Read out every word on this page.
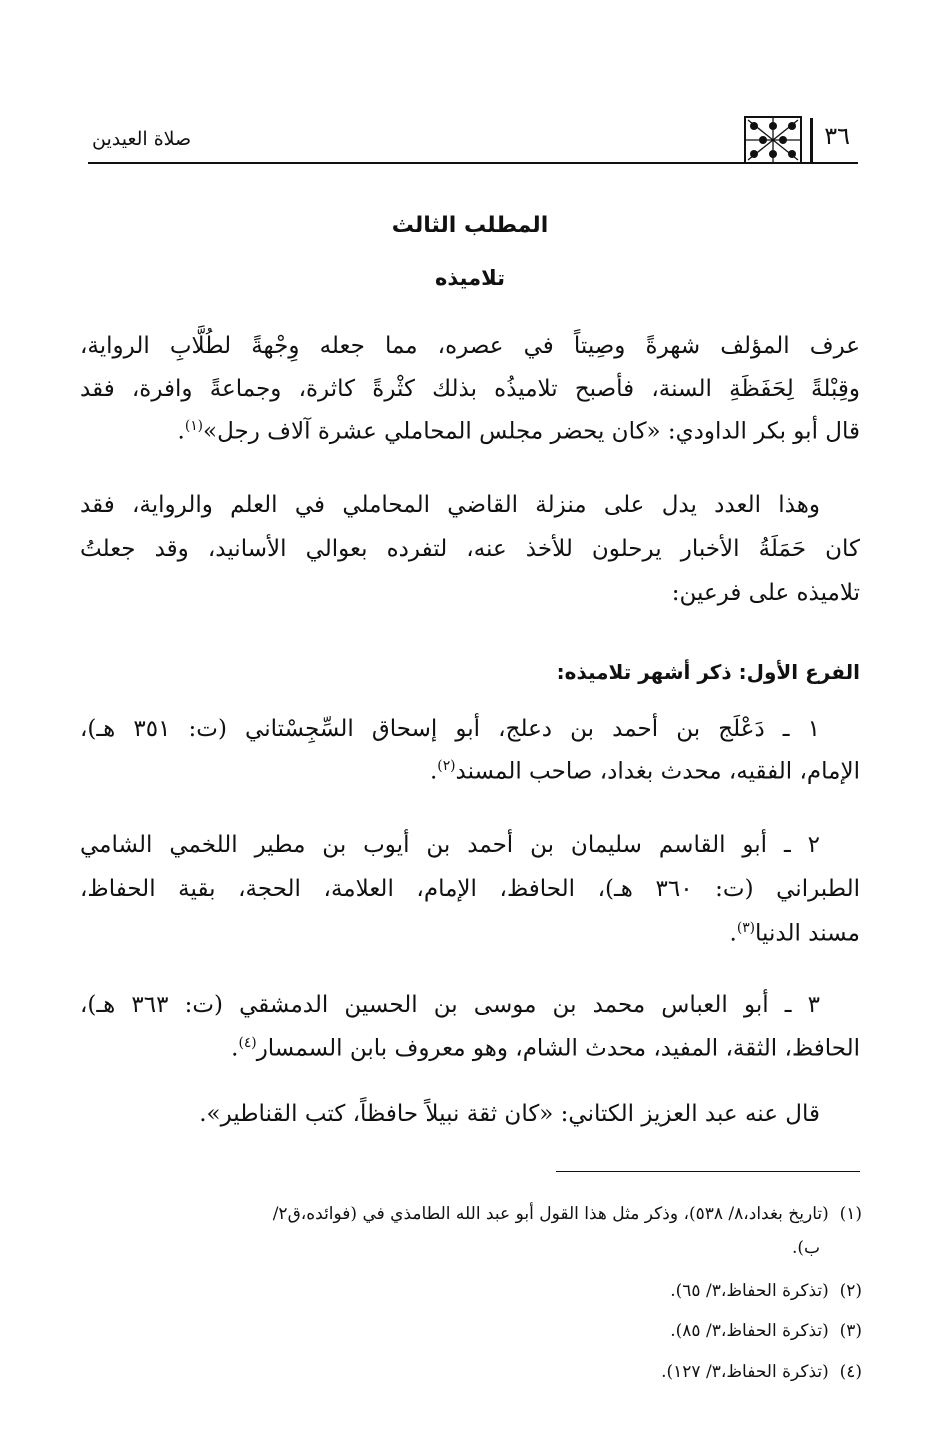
٣٦
صلاة العيدين
المطلب الثالث
تلاميذه
عرف المؤلف شهرةً وصِيتاً في عصره، مما جعله وِجْهةً لطُلَّابِ الرواية،
وقِبْلةً لِحَفَظَةِ السنة، فأصبح تلاميذُه بذلك كثْرةً كاثرة، وجماعةً وافرة، فقد
قال أبو بكر الداودي: «كان يحضر مجلس المحاملي عشرة آلاف رجل»$^{(١)}$.
وهذا العدد يدل على منزلة القاضي المحاملي في العلم والرواية، فقد
كان حَمَلَةُ الأخبار يرحلون للأخذ عنه، لتفرده بعوالي الأسانيد، وقد جعلتُ
تلاميذه على فرعين:
الفرع الأول: ذكر أشهر تلاميذه:
١ ـ دَعْلَج بن أحمد بن دعلج، أبو إسحاق السِّجِسْتاني (ت: ٣٥١ هـ)،
الإمام، الفقيه، محدث بغداد، صاحب المسند$^{(٢)}$.
٢ ـ أبو القاسم سليمان بن أحمد بن أيوب بن مطير اللخمي الشامي
الطبراني (ت: ٣٦٠ هـ)، الحافظ، الإمام، العلامة، الحجة، بقية الحفاظ،
مسند الدنيا$^{(٣)}$.
٣ ـ أبو العباس محمد بن موسى بن الحسين الدمشقي (ت: ٣٦٣ هـ)،
الحافظ، الثقة، المفيد، محدث الشام، وهو معروف بابن السمسار$^{(٤)}$.
قال عنه عبد العزيز الكتاني: «كان ثقة نبيلاً حافظاً، كتب القناطير».
(١)  (تاريخ بغداد،٨/ ٥٣٨)، وذكر مثل هذا القول أبو عبد الله الطامذي في (فوائده،ق٢/
ب).
(٢)  (تذكرة الحفاظ،٣/ ٦٥).
(٣)  (تذكرة الحفاظ،٣/ ٨٥).
(٤)  (تذكرة الحفاظ،٣/ ١٢٧).
